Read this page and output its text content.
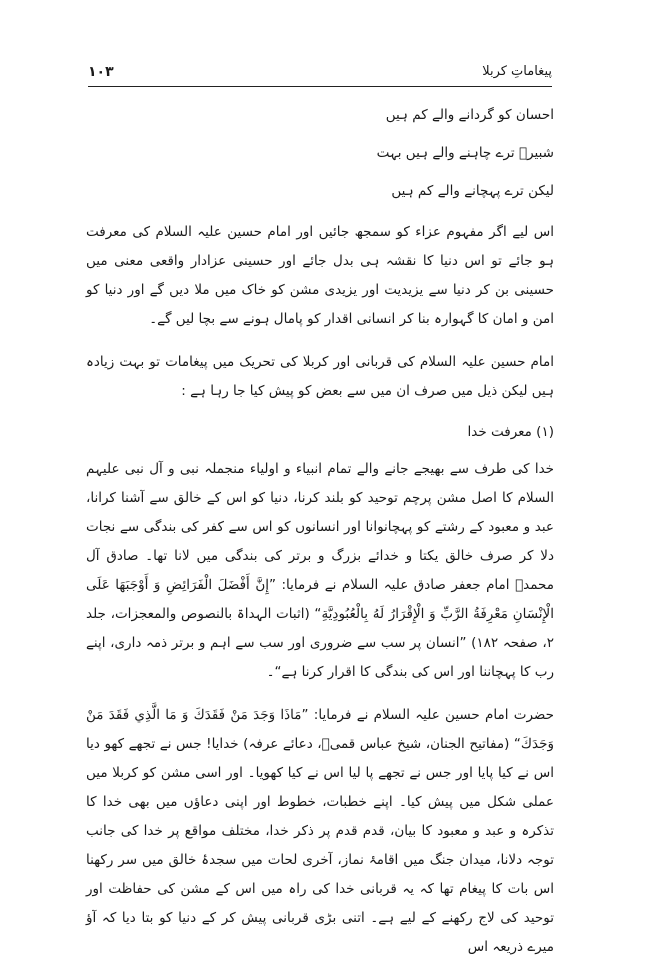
۱۰۳	پیغاماتِ کربلا

احسان کو گردانے والے کم ہیں

شبیرؑ ترے چاہنے والے ہیں بہت

لیکن ترے پہچانے والے کم ہیں

اس لیے اگر مفہوم عزاء کو سمجھ جائیں اور امام حسین علیہ السلام کی معرفت ہو جائے تو اس دنیا کا نقشہ ہی بدل جائے اور حسینی عزادار واقعی معنی میں حسینی بن کر دنیا سے یزیدیت اور یزیدی مشن کو خاک میں ملا دیں گے اور دنیا کو امن و امان کا گہوارہ بنا کر انسانی اقدار کو پامال ہونے سے بچا لیں گے۔

امام حسین علیہ السلام کی قربانی اور کربلا کی تحریک میں پیغامات تو بہت زیادہ ہیں لیکن ذیل میں صرف ان میں سے بعض کو پیش کیا جا رہا ہے :

(۱) معرفت خدا

خدا کی طرف سے بھیجے جانے والے تمام انبیاء و اولیاء منجملہ نبی و آل نبی علیہم السلام کا اصل مشن پرچم توحید کو بلند کرنا، دنیا کو اس کے خالق سے آشنا کرانا، عبد و معبود کے رشتے کو پہچانوانا اور انسانوں کو اس سے کفر کی بندگی سے نجات دلا کر صرف خالق یکتا و خدائے بزرگ و برتر کی بندگی میں لانا تھا۔ صادق آل محمدؐ امام جعفر صادق علیہ السلام نے فرمایا: ”إِنَّ أَفْضَلَ الْفَرَائِضِ وَ أَوْجَبَهَا عَلَى الْإِنْسَانِ مَعْرِفَةُ الرَّبِّ وَ الْإِقْرَارُ لَهُ بِالْعُبُودِيَّةِ“ (اثبات الہداۃ بالنصوص والمعجزات، جلد ۲، صفحہ ۱۸۲) ”انسان پر سب سے ضروری اور سب سے اہم و برتر ذمہ داری، اپنے رب کا پہچاننا اور اس کی بندگی کا اقرار کرنا ہے“۔

حضرت امام حسین علیہ السلام نے فرمایا: ”مَاذَا وَجَدَ مَنْ فَقَدَكَ وَ مَا الَّذِي فَقَدَ مَنْ وَجَدَكَ“ (مفاتیح الجنان، شیخ عباس قمیؒ، دعائے عرفہ) خدایا! جس نے تجھے کھو دیا اس نے کیا پایا اور جس نے تجھے پا لیا اس نے کیا کھویا۔ اور اسی مشن کو کربلا میں عملی شکل میں پیش کیا۔ اپنے خطبات، خطوط اور اپنی دعاؤں میں بھی خدا کا تذکرہ و عبد و معبود کا بیان، قدم قدم پر ذکر خدا، مختلف مواقع پر خدا کی جانب توجہ دلانا، میدان جنگ میں اقامۂ نماز، آخری لحات میں سجدۂ خالق میں سر رکھنا اس بات کا پیغام تھا کہ یہ قربانی خدا کی راہ میں اس کے مشن کی حفاظت اور توحید کی لاج رکھنے کے لیے ہے۔ اتنی بڑی قربانی پیش کر کے دنیا کو بتا دیا کہ آؤ میرے ذریعہ اس
